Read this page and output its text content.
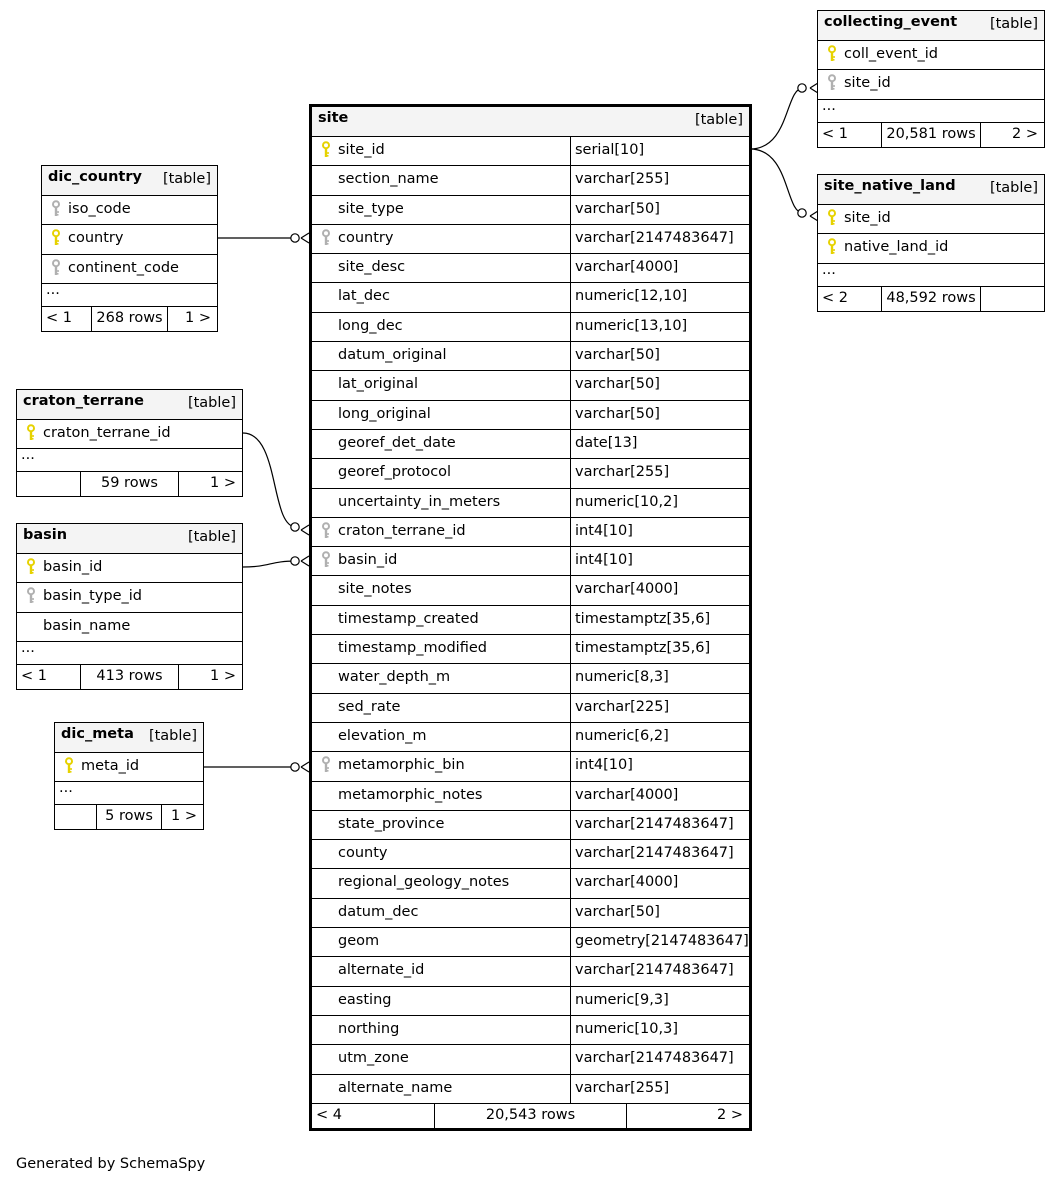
dic_country [table]
iso_code
country
continent_code
...
< 1	268 rows	1 >
craton_terrane	[table]
craton_terrane_id
...
59 rows	1 >
basin	[table]
basin_id
basin_type_id
basin_name
...
< 1	413 rows	1 >
dic_meta [table]
meta_id
...
5 rows	1 >
site	[table]
site_id	serial[10]
section_name	varchar[255]
site_type	varchar[50]
country	varchar[2147483647]
site_desc	varchar[4000]
lat_dec	numeric[12,10]
long_dec	numeric[13,10]
datum_original	varchar[50]
lat_original	varchar[50]
long_original	varchar[50]
georef_det_date	date[13]
georef_protocol	varchar[255]
uncertainty_in_meters	numeric[10,2]
craton_terrane_id	int4[10]
basin_id	int4[10]
site_notes	varchar[4000]
timestamp_created	timestamptz[35,6]
timestamp_modified	timestamptz[35,6]
water_depth_m	numeric[8,3]
sed_rate	varchar[225]
elevation_m	numeric[6,2]
metamorphic_bin	int4[10]
metamorphic_notes	varchar[4000]
state_province	varchar[2147483647]
county	varchar[2147483647]
regional_geology_notes	varchar[4000]
datum_dec	varchar[50]
geom	geometry[2147483647]
alternate_id	varchar[2147483647]
easting	numeric[9,3]
northing	numeric[10,3]
utm_zone	varchar[2147483647]
alternate_name	varchar[255]
< 4	20,543 rows	2 >
collecting_event [table]
coll_event_id
site_id
...
< 1	20,581 rows	2 >
site_native_land [table]
site_id
native_land_id
...
< 2	48,592 rows
Generated by SchemaSpy
